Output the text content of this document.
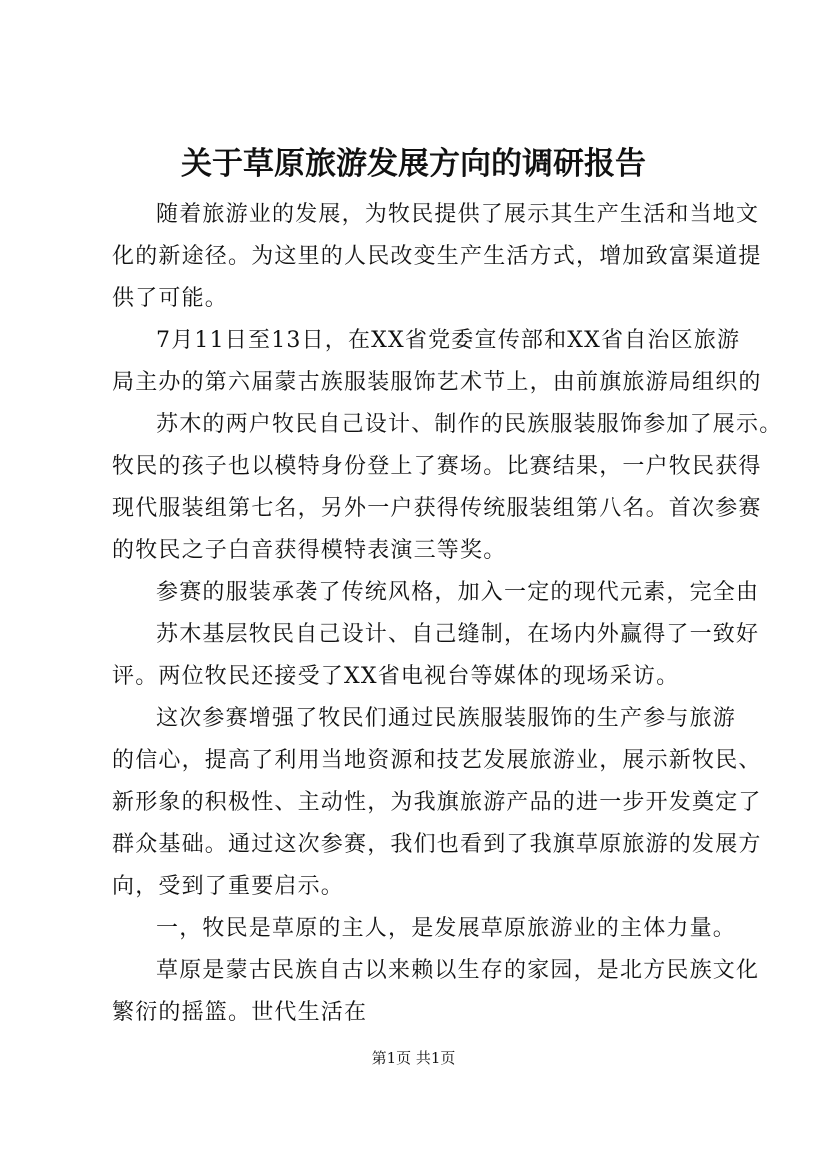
关于草原旅游发展方向的调研报告
随着旅游业的发展，为牧民提供了展示其生产生活和当地文
化的新途径。为这里的人民改变生产生活方式，增加致富渠道提
供了可能。
7月11日至13日，在XX省党委宣传部和XX省自治区旅游
局主办的第六届蒙古族服装服饰艺术节上，由前旗旅游局组织的
苏木的两户牧民自己设计、制作的民族服装服饰参加了展示。
牧民的孩子也以模特身份登上了赛场。比赛结果，一户牧民获得
现代服装组第七名，另外一户获得传统服装组第八名。首次参赛
的牧民之子白音获得模特表演三等奖。
参赛的服装承袭了传统风格，加入一定的现代元素，完全由
苏木基层牧民自己设计、自己缝制，在场内外赢得了一致好
评。两位牧民还接受了XX省电视台等媒体的现场采访。
这次参赛增强了牧民们通过民族服装服饰的生产参与旅游
的信心，提高了利用当地资源和技艺发展旅游业，展示新牧民、
新形象的积极性、主动性，为我旗旅游产品的进一步开发奠定了
群众基础。通过这次参赛，我们也看到了我旗草原旅游的发展方
向，受到了重要启示。
一，牧民是草原的主人，是发展草原旅游业的主体力量。
草原是蒙古民族自古以来赖以生存的家园，是北方民族文化
繁衍的摇篮。世代生活在
第1页 共1页
